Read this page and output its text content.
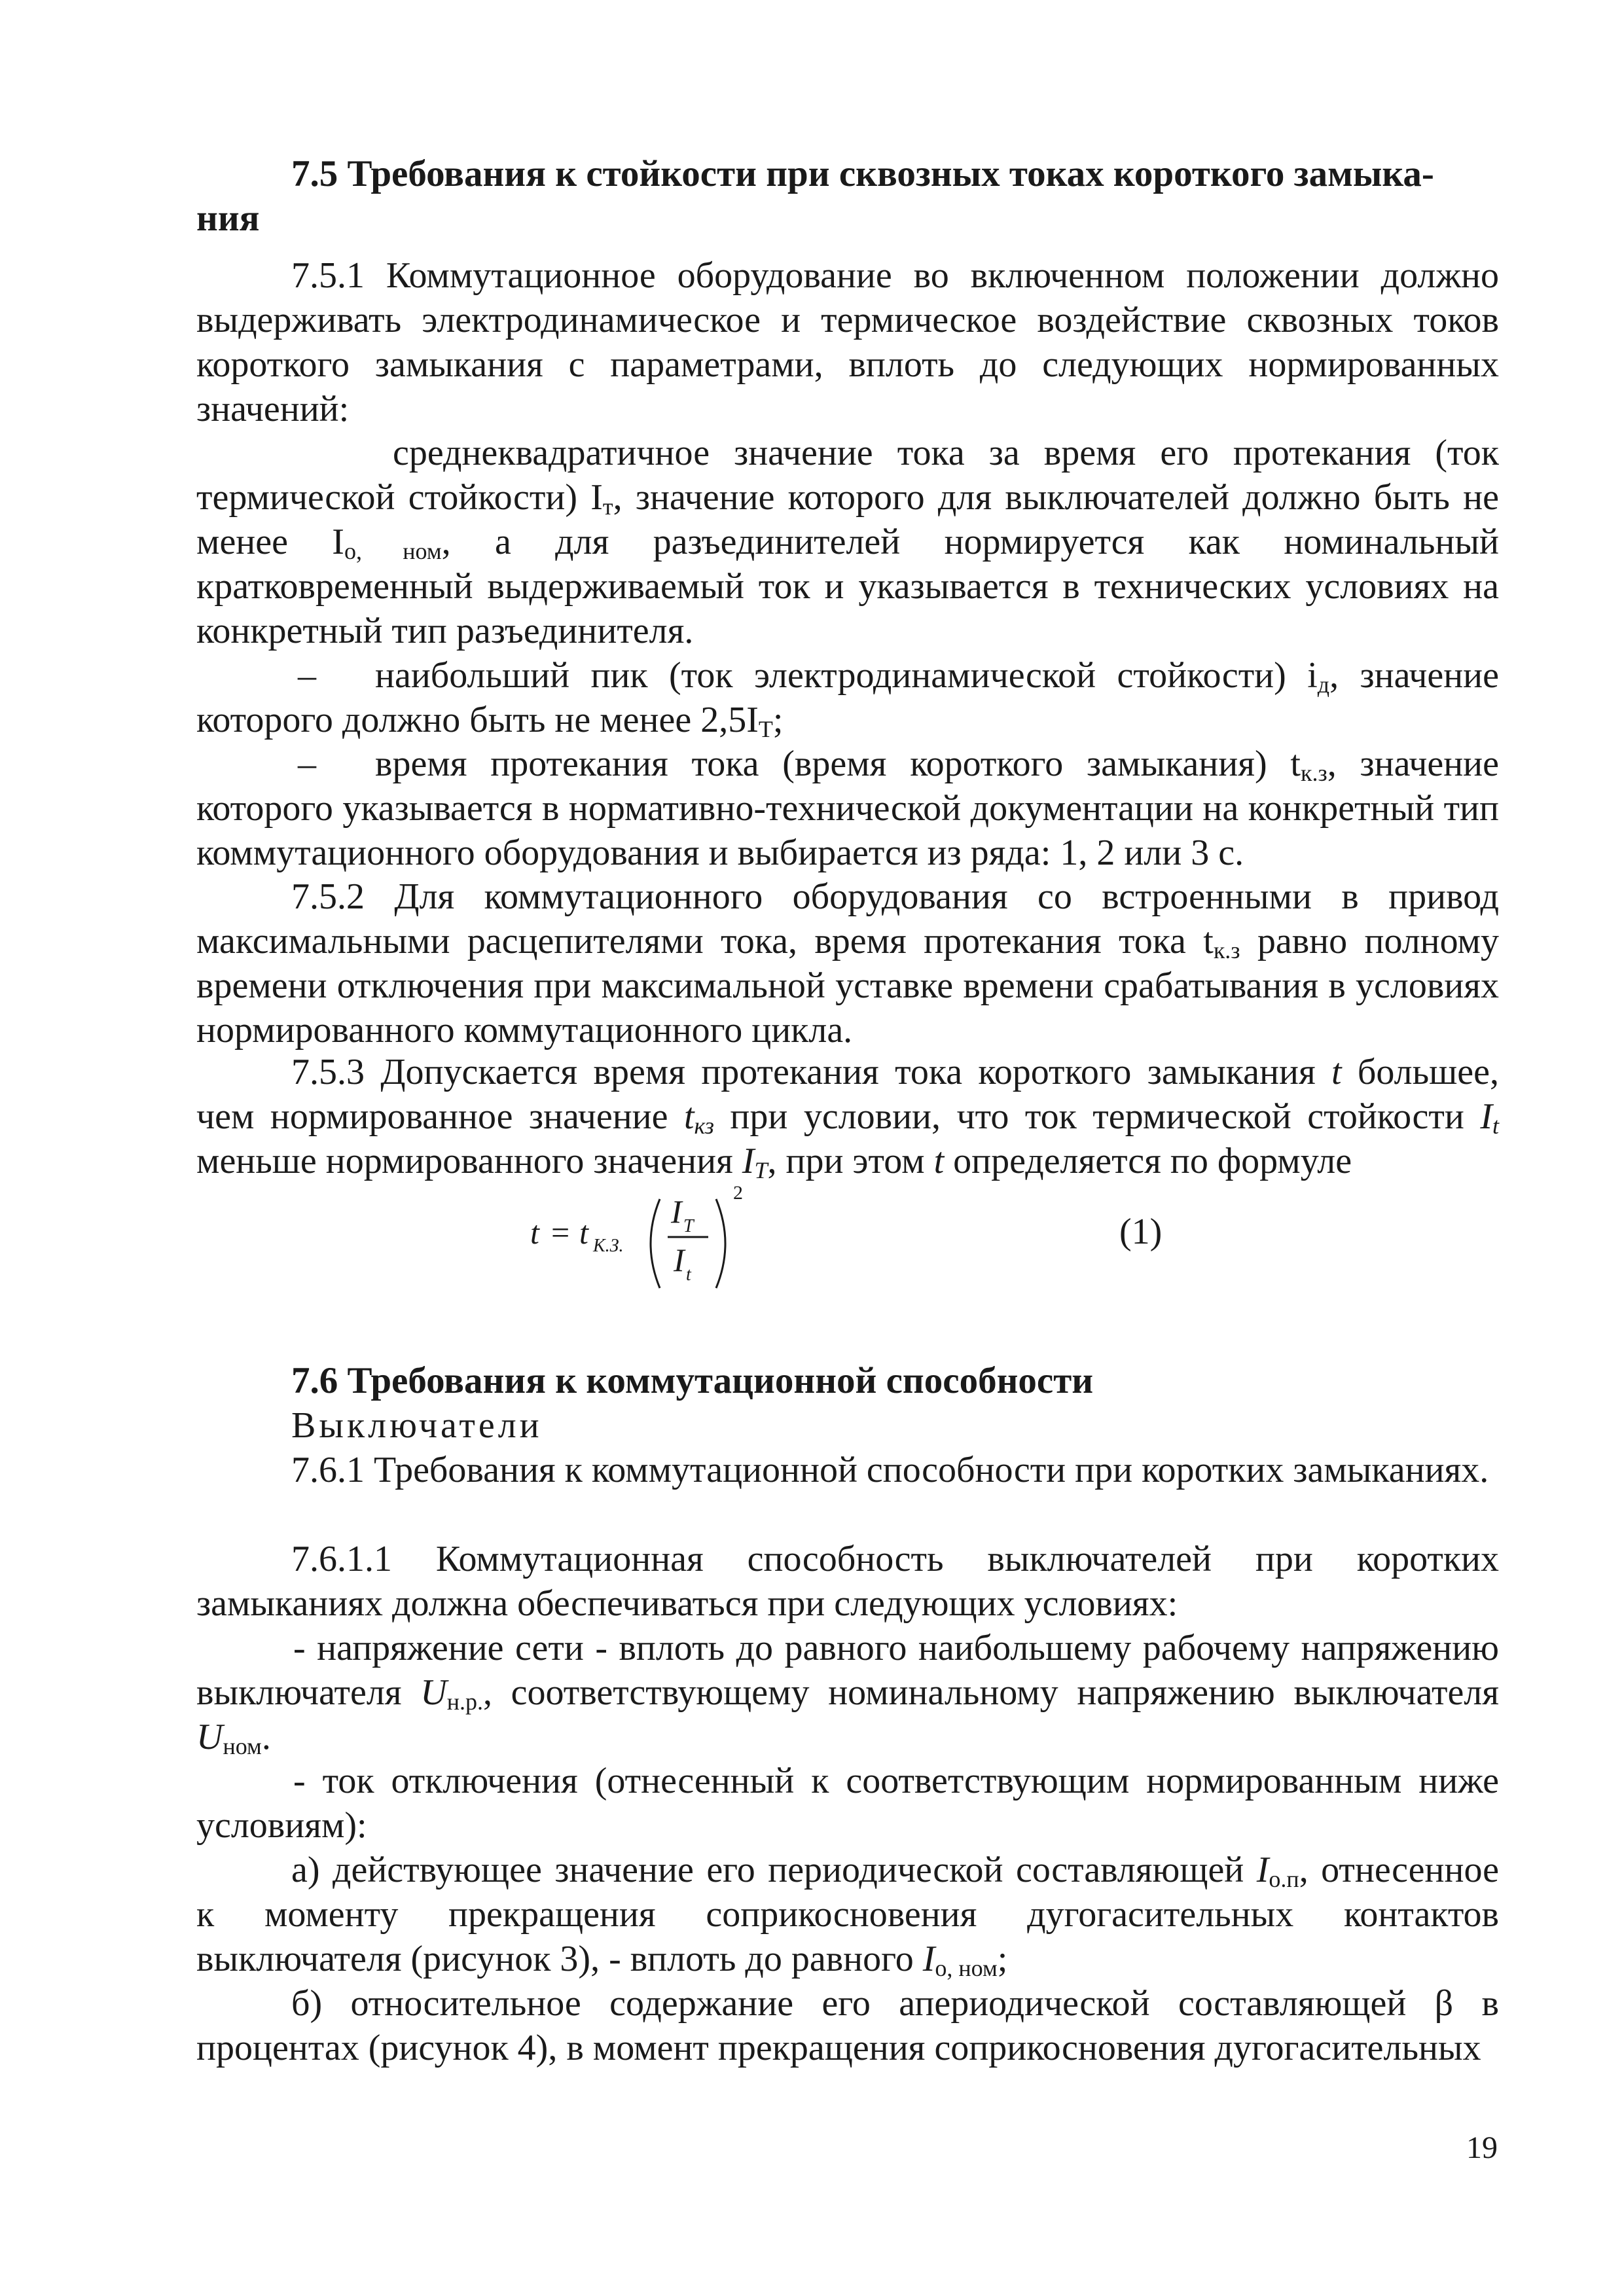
7.5 Требования к стойкости при сквозных токах короткого замыка-
ния

7.5.1 Коммутационное оборудование во включенном положении должно выдерживать электродинамическое и термическое воздействие сквозных токов короткого замыкания с параметрами, вплоть до следующих нормированных значений:

среднеквадратичное значение тока за время его протекания (ток термической стойкости) $I_т$, значение которого для выключателей должно быть не менее $I_{о, ном}$, а для разъединителей нормируется как номинальный кратковременный выдерживаемый ток и указывается в технических условиях на конкретный тип разъединителя.

– наибольший пик (ток электродинамической стойкости) $i_д$, значение которого должно быть не менее $2,5I_Т$;

– время протекания тока (время короткого замыкания) $t_{к.з}$, значение которого указывается в нормативно-технической документации на конкретный тип коммутационного оборудования и выбирается из ряда: 1, 2 или 3 с.

7.5.2 Для коммутационного оборудования со встроенными в привод максимальными расцепителями тока, время протекания тока $t_{к.з}$ равно полному времени отключения при максимальной уставке времени срабатывания в условиях нормированного коммутационного цикла.

7.5.3 Допускается время протекания тока короткого замыкания t большее, чем нормированное значение $t_{кз}$ при условии, что ток термической стойкости $I_t$ меньше нормированного значения $I_T$, при этом t определяется по формуле

t = t К.З.
I T
I t
2
(1)
7.6 Требования к коммутационной способности
Выключатели

7.6.1 Требования к коммутационной способности при коротких замыканиях.

7.6.1.1 Коммутационная способность выключателей при коротких замыканиях должна обеспечиваться при следующих условиях:

- напряжение сети - вплоть до равного наибольшему рабочему напряжению выключателя $U_{н.р.}$, соответствующему номинальному напряжению выключателя $U_{ном}$.

- ток отключения (отнесенный к соответствующим нормированным ниже условиям):

а) действующее значение его периодической составляющей $I_{о.п}$, отнесенное к моменту прекращения соприкосновения дугогасительных контактов выключателя (рисунок 3), - вплоть до равного $I_{о, ном}$;

б) относительное содержание его апериодической составляющей β в процентах (рисунок 4), в момент прекращения соприкосновения дугогасительных

19
